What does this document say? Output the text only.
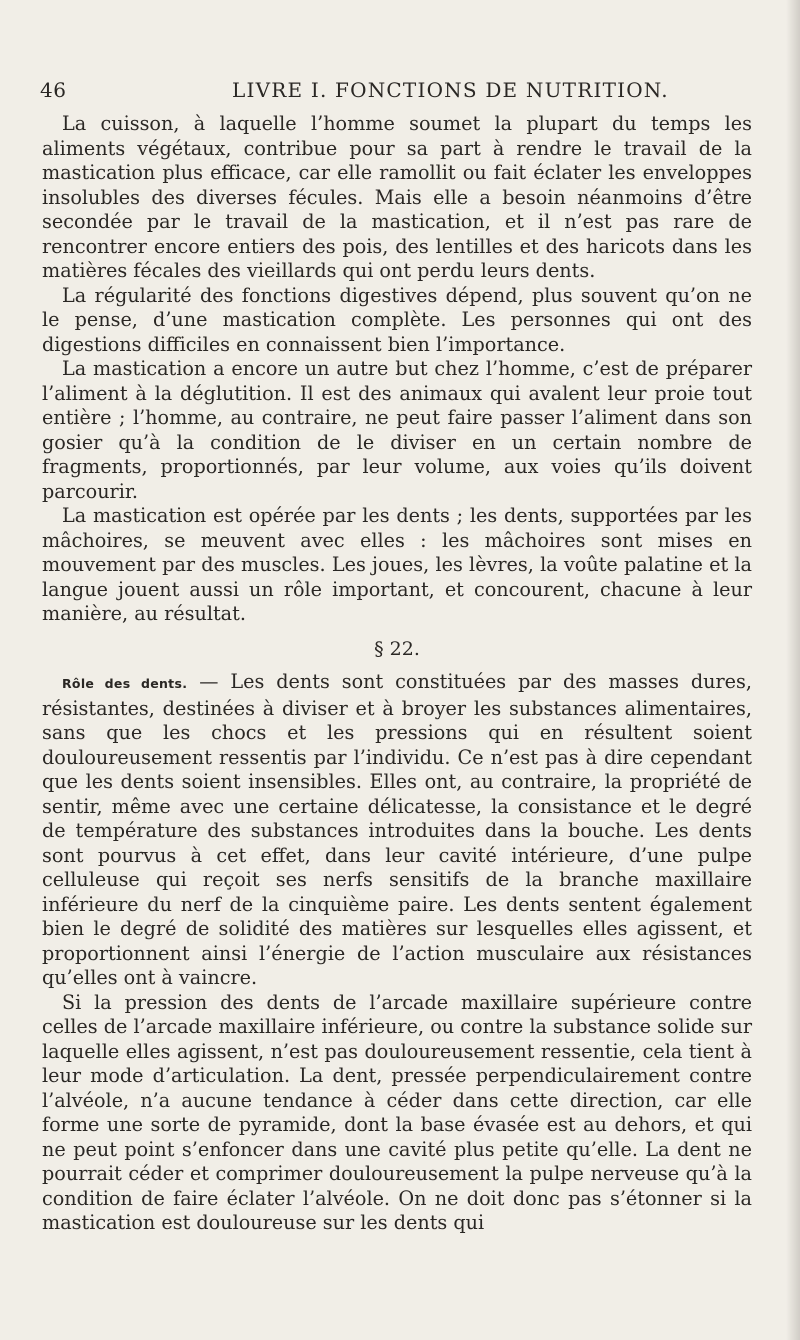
46	LIVRE I. FONCTIONS DE NUTRITION.

La cuisson, à laquelle l’homme soumet la plupart du temps les aliments végétaux, contribue pour sa part à rendre le travail de la mastication plus efficace, car elle ramollit ou fait éclater les enveloppes insolubles des diverses fécules. Mais elle a besoin néanmoins d’être secondée par le travail de la mastication, et il n’est pas rare de rencontrer encore entiers des pois, des lentilles et des haricots dans les matières fécales des vieillards qui ont perdu leurs dents.

La régularité des fonctions digestives dépend, plus souvent qu’on ne le pense, d’une mastication complète. Les personnes qui ont des digestions difficiles en connaissent bien l’importance.

La mastication a encore un autre but chez l’homme, c’est de préparer l’aliment à la déglutition. Il est des animaux qui avalent leur proie tout entière ; l’homme, au contraire, ne peut faire passer l’aliment dans son gosier qu’à la condition de le diviser en un certain nombre de fragments, proportionnés, par leur volume, aux voies qu’ils doivent parcourir.

La mastication est opérée par les dents ; les dents, supportées par les mâchoires, se meuvent avec elles : les mâchoires sont mises en mouvement par des muscles. Les joues, les lèvres, la voûte palatine et la langue jouent aussi un rôle important, et concourent, chacune à leur manière, au résultat.

§ 22.

Rôle des dents. — Les dents sont constituées par des masses dures, résistantes, destinées à diviser et à broyer les substances alimentaires, sans que les chocs et les pressions qui en résultent soient douloureusement ressentis par l’individu. Ce n’est pas à dire cependant que les dents soient insensibles. Elles ont, au contraire, la propriété de sentir, même avec une certaine délicatesse, la consistance et le degré de température des substances introduites dans la bouche. Les dents sont pourvus à cet effet, dans leur cavité intérieure, d’une pulpe celluleuse qui reçoit ses nerfs sensitifs de la branche maxillaire inférieure du nerf de la cinquième paire. Les dents sentent également bien le degré de solidité des matières sur lesquelles elles agissent, et proportionnent ainsi l’énergie de l’action musculaire aux résistances qu’elles ont à vaincre.

Si la pression des dents de l’arcade maxillaire supérieure contre celles de l’arcade maxillaire inférieure, ou contre la substance solide sur laquelle elles agissent, n’est pas douloureusement ressentie, cela tient à leur mode d’articulation. La dent, pressée perpendiculairement contre l’alvéole, n’a aucune tendance à céder dans cette direction, car elle forme une sorte de pyramide, dont la base évasée est au dehors, et qui ne peut point s’enfoncer dans une cavité plus petite qu’elle. La dent ne pourrait céder et comprimer douloureusement la pulpe nerveuse qu’à la condition de faire éclater l’alvéole. On ne doit donc pas s’étonner si la mastication est douloureuse sur les dents qui
